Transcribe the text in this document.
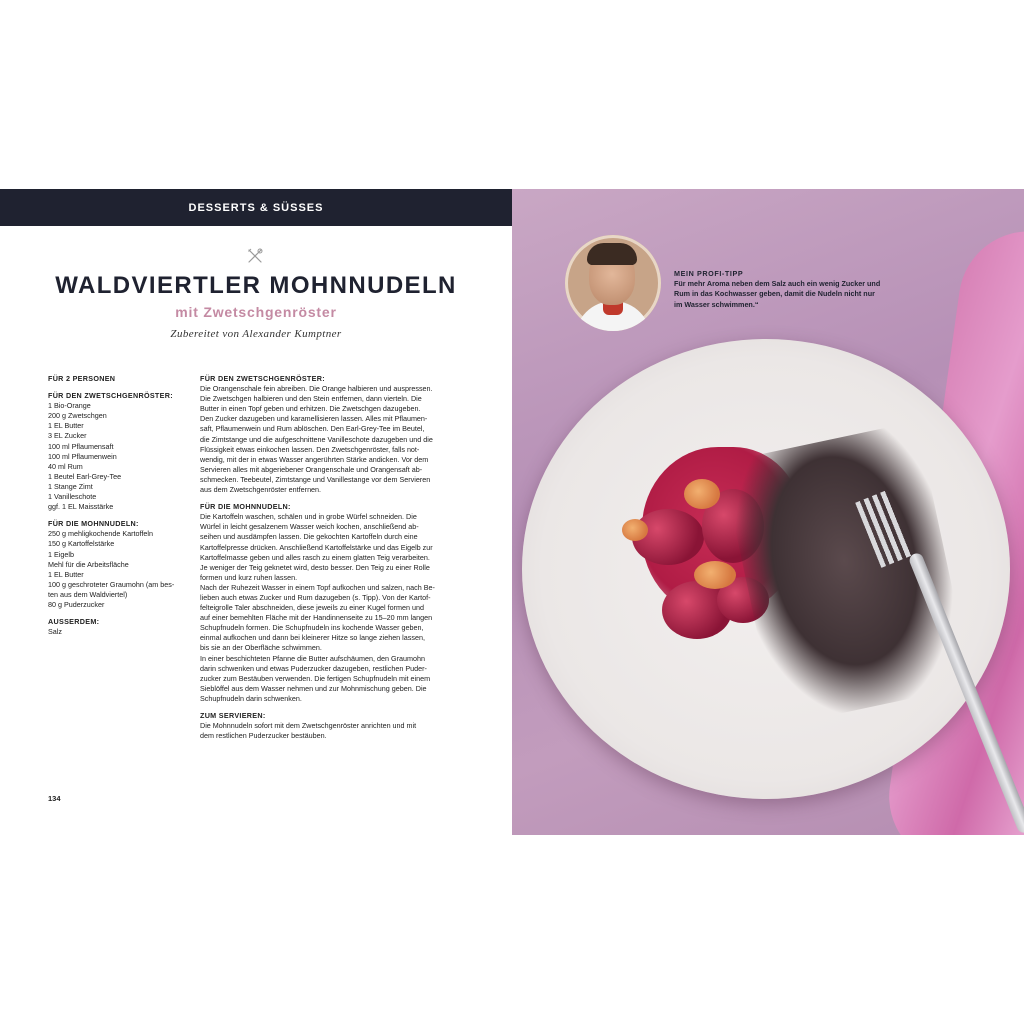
DESSERTS & SÜSSES
WALDVIERTLER MOHNNUDELN
mit Zwetschgenröster
Zubereitet von Alexander Kumptner
FÜR 2 PERSONEN
FÜR DEN ZWETSCHGENRÖSTER:
1 Bio-Orange
200 g Zwetschgen
1 EL Butter
3 EL Zucker
100 ml Pflaumensaft
100 ml Pflaumenwein
40 ml Rum
1 Beutel Earl-Grey-Tee
1 Stange Zimt
1 Vanilleschote
ggf. 1 EL Maisstärke
FÜR DIE MOHNNUDELN:
250 g mehligkochende Kartoffeln
150 g Kartoffelstärke
1 Eigelb
Mehl für die Arbeitsfläche
1 EL Butter
100 g geschroteter Graumohn (am bes-
ten aus dem Waldviertel)
80 g Puderzucker
AUSSERDEM:
Salz
FÜR DEN ZWETSCHGENRÖSTER:

Die Orangenschale fein abreiben. Die Orange halbieren und auspressen.

Die Zwetschgen halbieren und den Stein entfernen, dann vierteln. Die

Butter in einen Topf geben und erhitzen. Die Zwetschgen dazugeben.

Den Zucker dazugeben und karamellisieren lassen. Alles mit Pflaumen-

saft, Pflaumenwein und Rum ablöschen. Den Earl-Grey-Tee im Beutel,

die Zimtstange und die aufgeschnittene Vanilleschote dazugeben und die

Flüssigkeit etwas einkochen lassen. Den Zwetschgenröster, falls not-

wendig, mit der in etwas Wasser angerührten Stärke andicken. Vor dem

Servieren alles mit abgeriebener Orangenschale und Orangensaft ab-

schmecken. Teebeutel, Zimtstange und Vanillestange vor dem Servieren

aus dem Zwetschgenröster entfernen.

FÜR DIE MOHNNUDELN:

Die Kartoffeln waschen, schälen und in grobe Würfel schneiden. Die

Würfel in leicht gesalzenem Wasser weich kochen, anschließend ab-

seihen und ausdämpfen lassen. Die gekochten Kartoffeln durch eine

Kartoffelpresse drücken. Anschließend Kartoffelstärke und das Eigelb zur

Kartoffelmasse geben und alles rasch zu einem glatten Teig verarbeiten.

Je weniger der Teig geknetet wird, desto besser. Den Teig zu einer Rolle

formen und kurz ruhen lassen.

Nach der Ruhezeit Wasser in einem Topf aufkochen und salzen, nach Be-

lieben auch etwas Zucker und Rum dazugeben (s. Tipp). Von der Kartof-

felteigrolle Taler abschneiden, diese jeweils zu einer Kugel formen und

auf einer bemehlten Fläche mit der Handinnenseite zu 15–20 mm langen

Schupfnudeln formen. Die Schupfnudeln ins kochende Wasser geben,

einmal aufkochen und dann bei kleinerer Hitze so lange ziehen lassen,

bis sie an der Oberfläche schwimmen.

In einer beschichteten Pfanne die Butter aufschäumen, den Graumohn

darin schwenken und etwas Puderzucker dazugeben, restlichen Puder-

zucker zum Bestäuben verwenden. Die fertigen Schupfnudeln mit einem

Sieblöffel aus dem Wasser nehmen und zur Mohnmischung geben. Die

Schupfnudeln darin schwenken.

ZUM SERVIEREN:

Die Mohnnudeln sofort mit dem Zwetschgenröster anrichten und mit

dem restlichen Puderzucker bestäuben.

134
MEIN PROFI-TIPP
Für mehr Aroma neben dem Salz auch ein wenig Zucker und
Rum in das Kochwasser geben, damit die Nudeln nicht nur
im Wasser schwimmen.“
